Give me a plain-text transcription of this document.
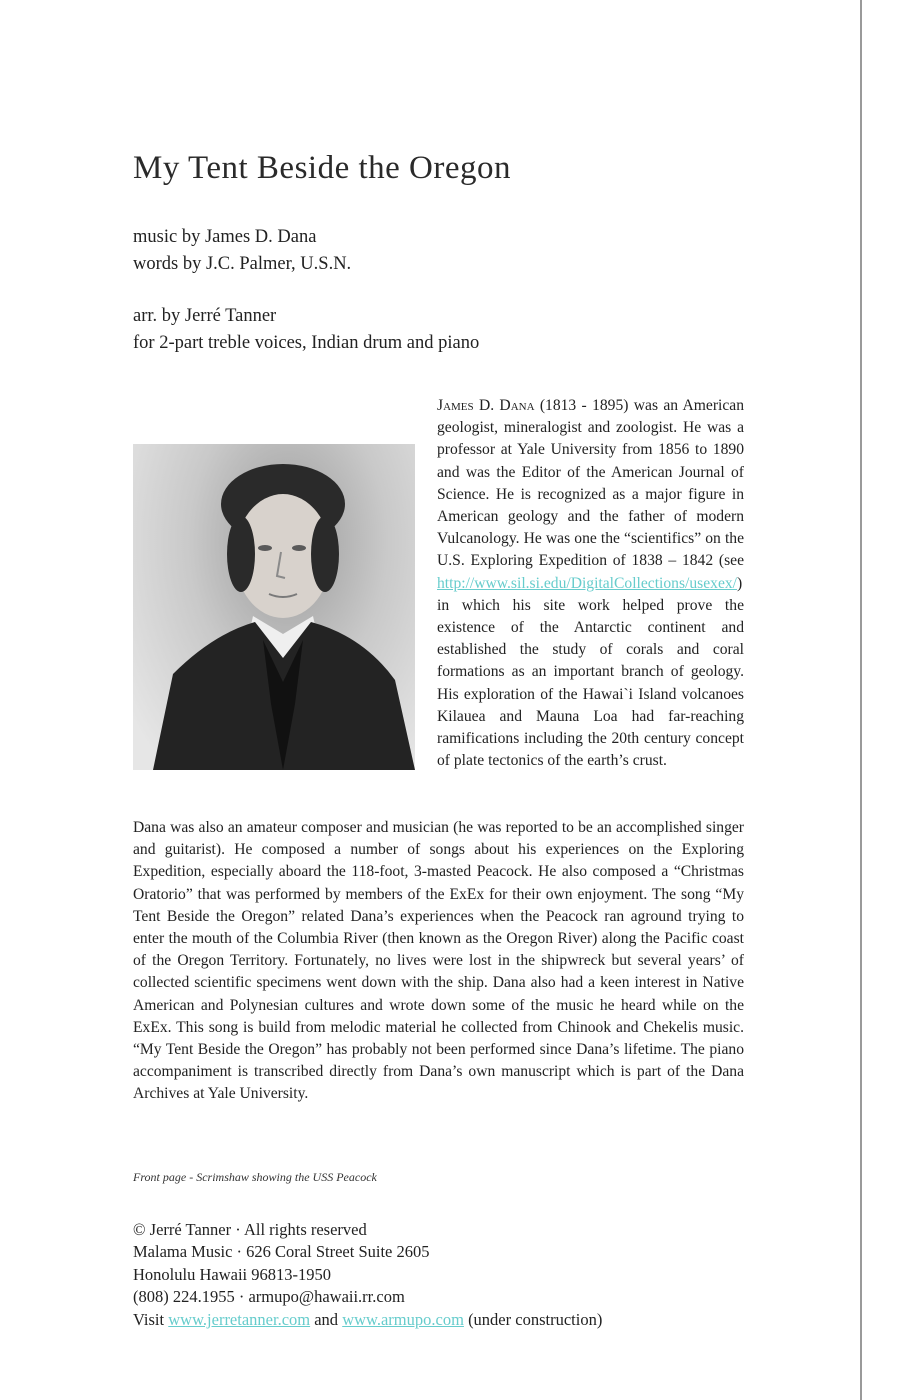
My Tent Beside the Oregon
music by James D. Dana
words by J.C. Palmer, U.S.N.
arr. by Jerré Tanner
for 2-part treble voices, Indian drum and piano
James D. Dana (1813 - 1895) was an American geologist, mineralogist and zoologist. He was a professor at Yale University from 1856 to 1890 and was the Editor of the American Journal of Science. He is recognized as a major figure in American geology and the father of modern Vulcanology. He was one the “scientifics” on the U.S. Exploring Expedition of 1838 – 1842 (see http://www.sil.si.edu/DigitalCollections/usexex/) in which his site work helped prove the existence of the Antarctic continent and established the study of corals and coral formations as an important branch of geology. His exploration of the Hawai`i Island volcanoes Kilauea and Mauna Loa had far-reaching ramifications including the 20th century concept of plate tectonics of the earth’s crust.
Dana was also an amateur composer and musician (he was reported to be an accomplished singer and guitarist). He composed a number of songs about his experiences on the Exploring Expedition, especially aboard the 118-foot, 3-masted Peacock. He also composed a “Christmas Oratorio” that was performed by members of the ExEx for their own enjoyment. The song “My Tent Beside the Oregon” related Dana’s experiences when the Peacock ran aground trying to enter the mouth of the Columbia River (then known as the Oregon River) along the Pacific coast of the Oregon Territory. Fortunately, no lives were lost in the shipwreck but several years’ of collected scientific specimens went down with the ship. Dana also had a keen interest in Native American and Polynesian cultures and wrote down some of the music he heard while on the ExEx. This song is build from melodic material he collected from Chinook and Chekelis music. “My Tent Beside the Oregon” has probably not been performed since Dana’s lifetime. The piano accompaniment is transcribed directly from Dana’s own manuscript which is part of the Dana Archives at Yale University.
Front page - Scrimshaw showing the USS Peacock
© Jerré Tanner · All rights reserved
Malama Music · 626 Coral Street Suite 2605
Honolulu Hawaii 96813-1950
(808) 224.1955 · armupo@hawaii.rr.com
Visit www.jerretanner.com and www.armupo.com (under construction)
